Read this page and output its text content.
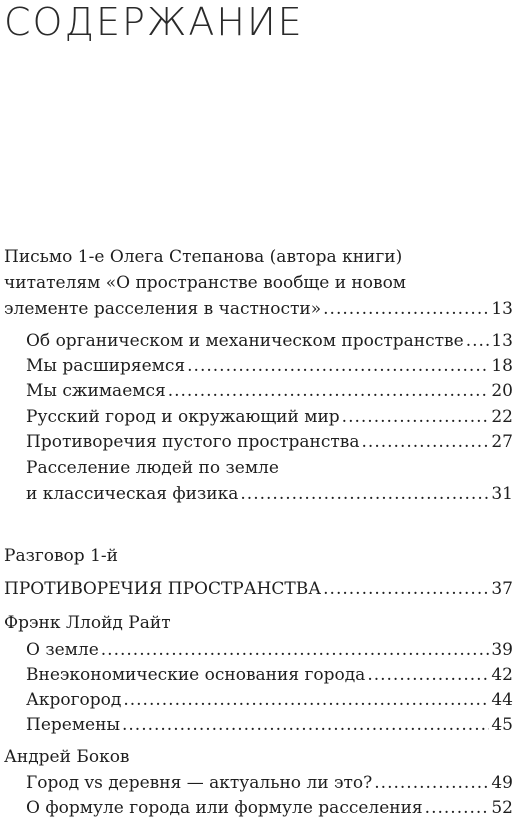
СОДЕРЖАНИЕ
Письмо 1-е Олега Степанова (автора книги)
читателям «О пространстве вообще и новом
элементе расселения в частности» .....	13
Об органическом и механическом пространстве ..... 13
Мы расширяемся .....	18
Мы сжимаемся .....	20
Русский город и окружающий мир .....	22
Противоречия пустого пространства .....	27
Расселение людей по земле
и классическая физика .....	31
Разговор 1-й
ПРОТИВОРЕЧИЯ ПРОСТРАНСТВА .....	37
Фрэнк Ллойд Райт
О земле .....	39
Внеэкономические основания города .....	42
Акрогород .....	44
Перемены .....	45
Андрей Боков
Город vs деревня — актуально ли это? .....	49
О формуле города или формуле расселения .....	52
